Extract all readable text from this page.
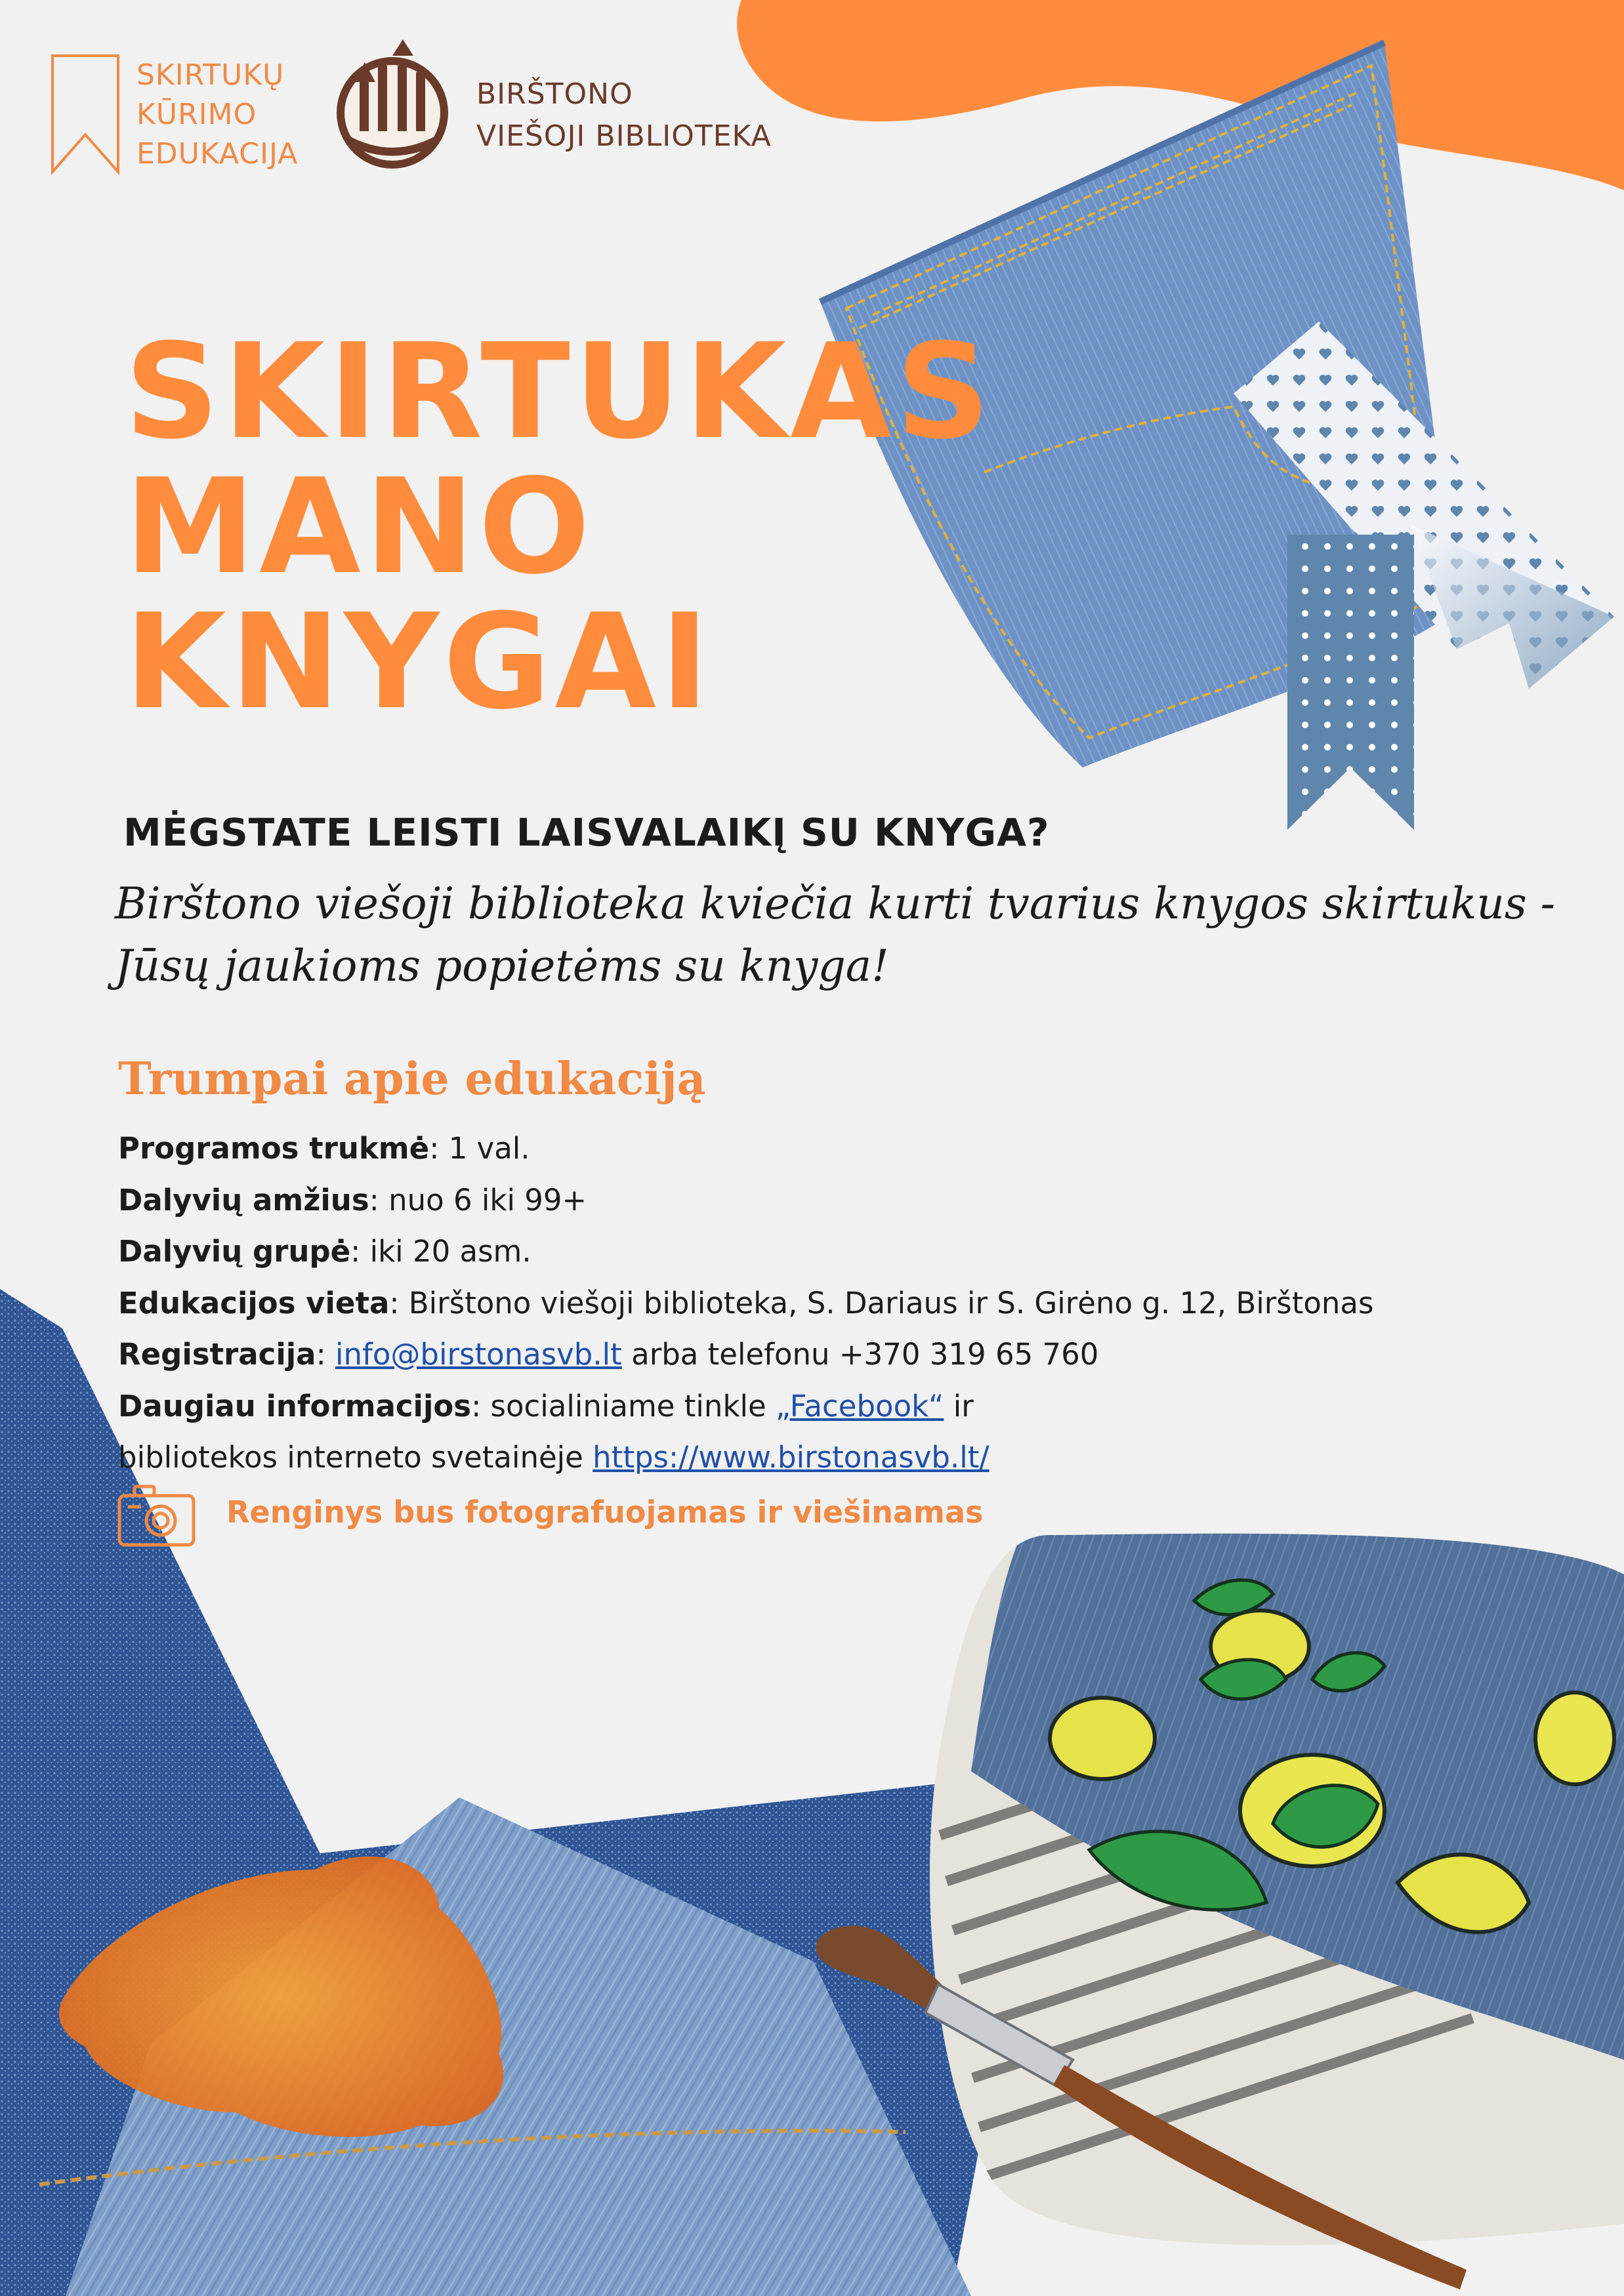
SKIRTUKŲ
KŪRIMO
EDUKACIJA
BIRŠTONO
VIEŠOJI BIBLIOTEKA
SKIRTUKAS
MANO
KNYGAI
MĖGSTATE LEISTI LAISVALAIKĮ SU KNYGA?
Birštono viešoji biblioteka kviečia kurti tvarius knygos skirtukus -
Jūsų jaukioms popietėms su knyga!
Trumpai apie edukaciją
Programos trukmė: 1 val.
Dalyvių amžius: nuo 6 iki 99+
Dalyvių grupė: iki 20 asm.
Edukacijos vieta: Birštono viešoji biblioteka, S. Dariaus ir S. Girėno g. 12, Birštonas
Registracija: info@birstonasvb.lt arba telefonu +370 319 65 760
Daugiau informacijos: socialiniame tinkle „Facebook“ ir
bibliotekos interneto svetainėje https://www.birstonasvb.lt/
Renginys bus fotografuojamas ir viešinamas
